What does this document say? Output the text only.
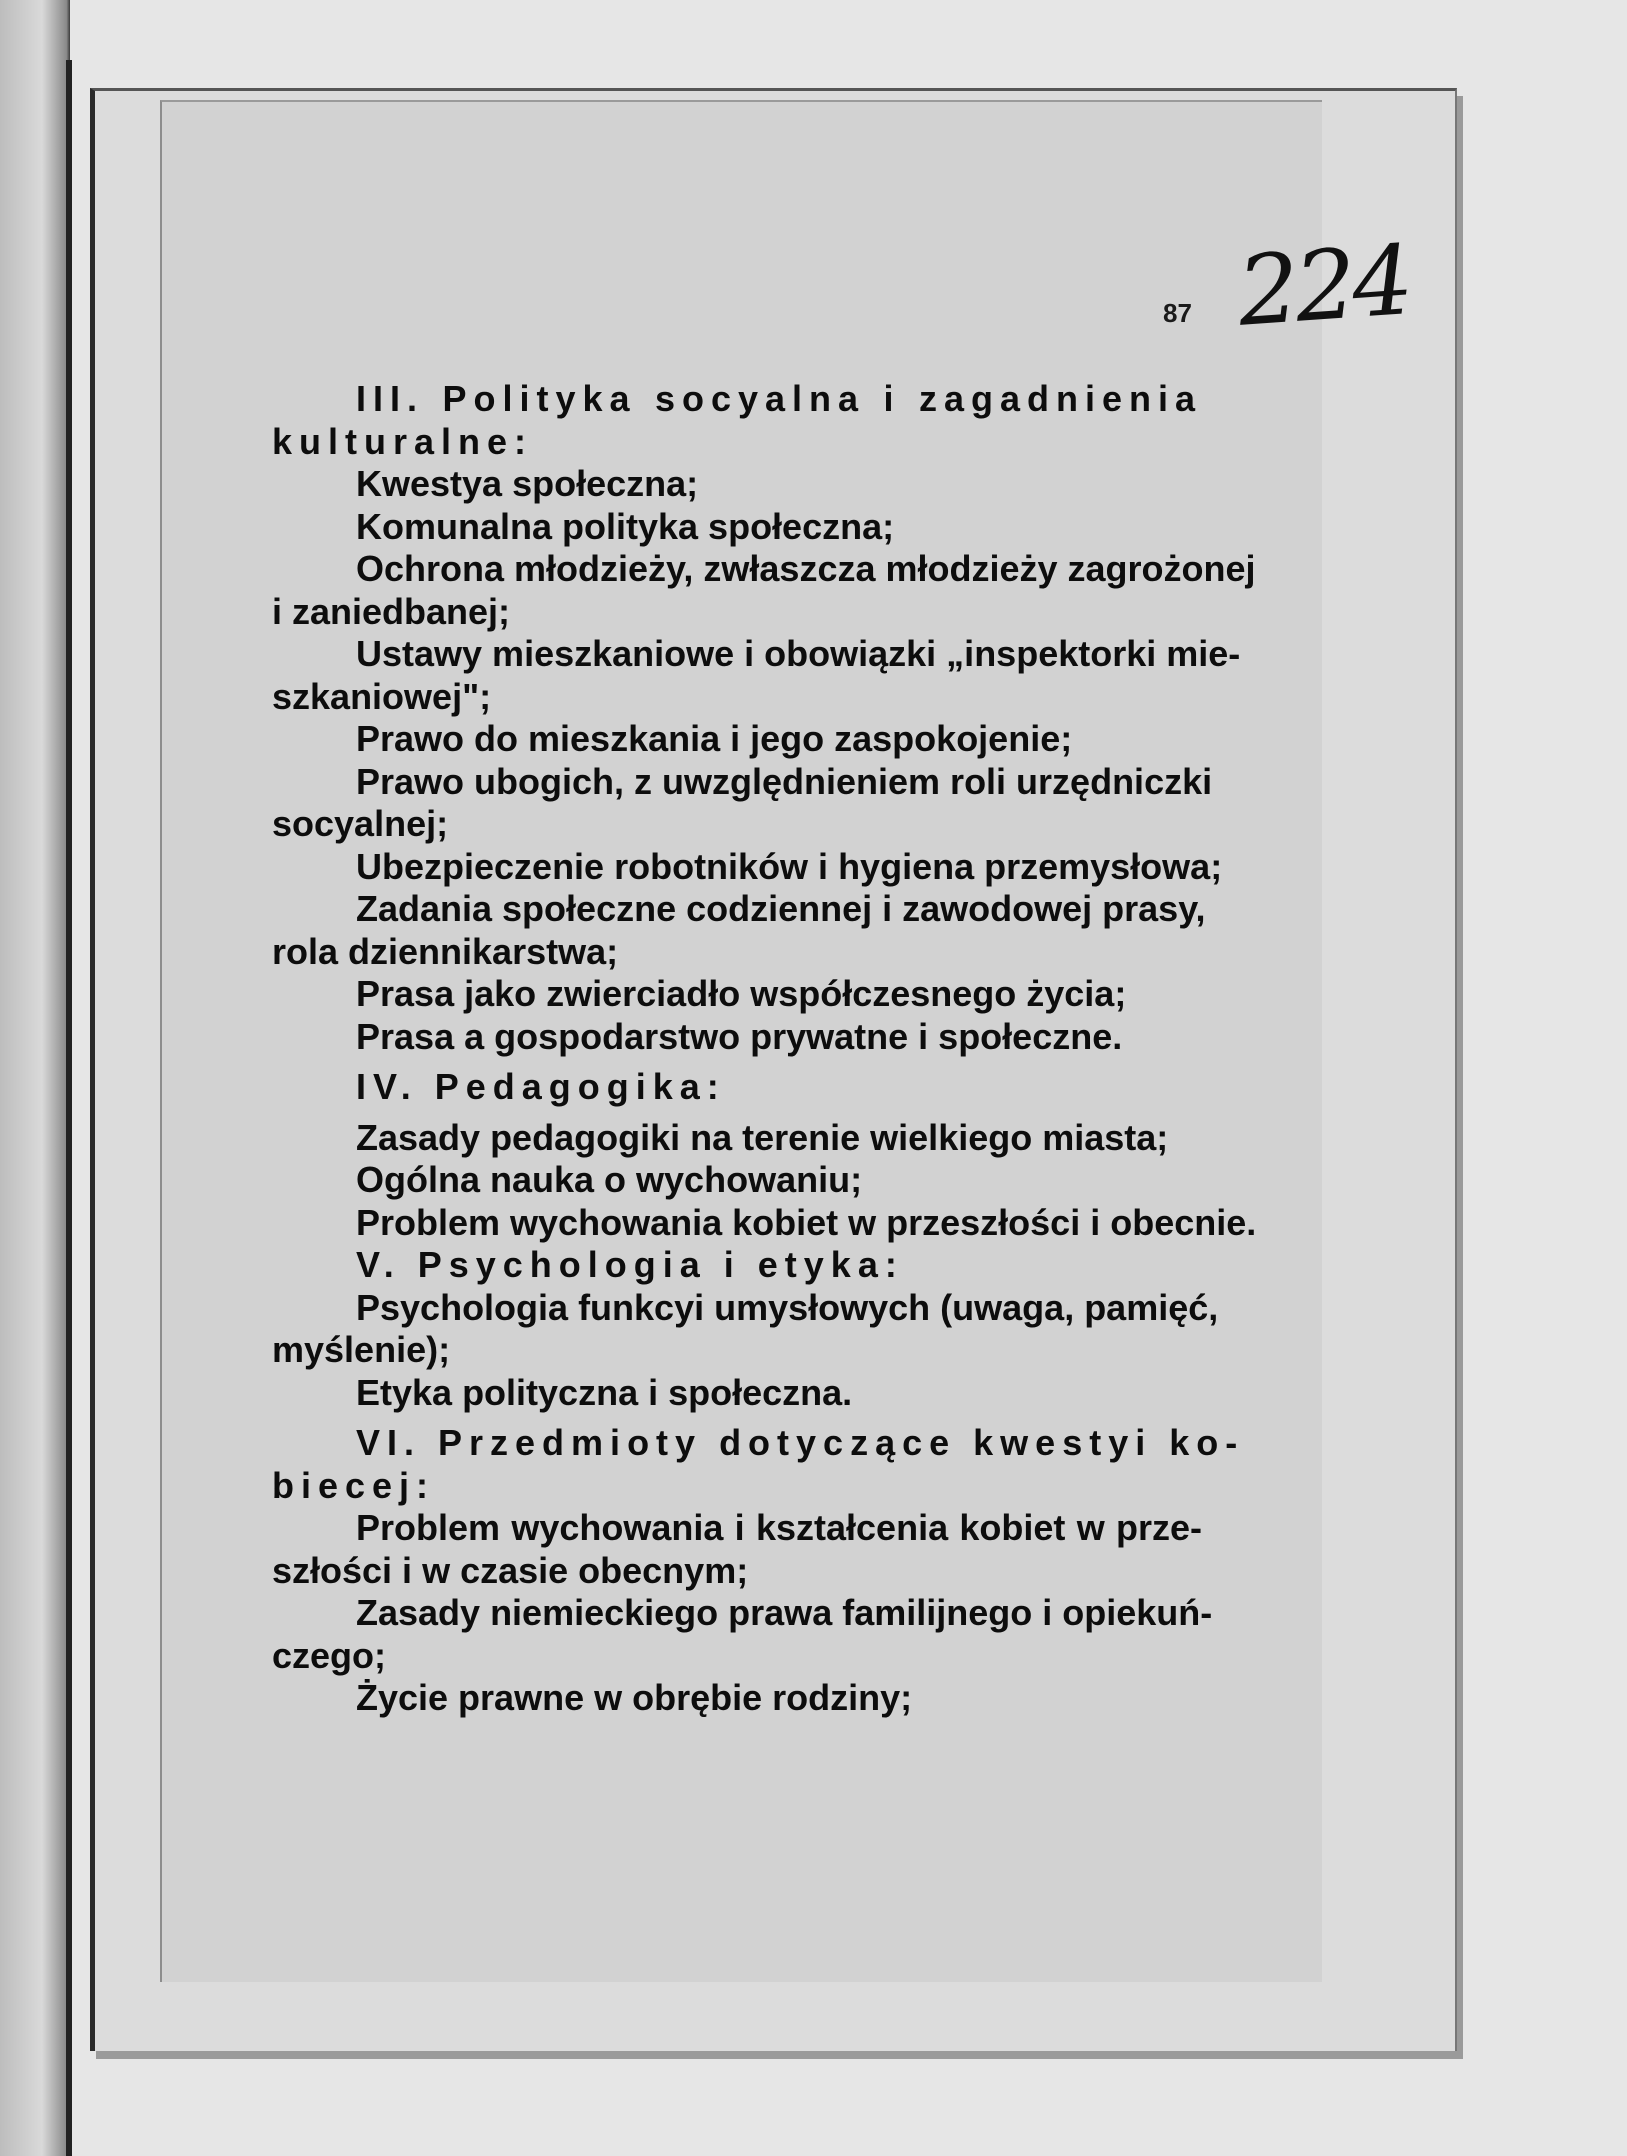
87 224
III. Polityka socyalna i zagadnienia
kulturalne:
Kwestya społeczna;
Komunalna polityka społeczna;
Ochrona młodzieży, zwłaszcza młodzieży zagrożonej
i zaniedbanej;
Ustawy mieszkaniowe i obowiązki „inspektorki mie-
szkaniowej";
Prawo do mieszkania i jego zaspokojenie;
Prawo ubogich, z uwzględnieniem roli urzędniczki
socyalnej;
Ubezpieczenie robotników i hygiena przemysłowa;
Zadania społeczne codziennej i zawodowej prasy,
rola dziennikarstwa;
Prasa jako zwierciadło współczesnego życia;
Prasa a gospodarstwo prywatne i społeczne.
IV. Pedagogika:
Zasady pedagogiki na terenie wielkiego miasta;
Ogólna nauka o wychowaniu;
Problem wychowania kobiet w przeszłości i obecnie.
V. Psychologia i etyka:
Psychologia funkcyi umysłowych (uwaga, pamięć,
myślenie);
Etyka polityczna i społeczna.
VI. Przedmioty dotyczące kwestyi ko-
biecej:
Problem wychowania i kształcenia kobiet w prze-
szłości i w czasie obecnym;
Zasady niemieckiego prawa familijnego i opiekuń-
czego;
Życie prawne w obrębie rodziny;
